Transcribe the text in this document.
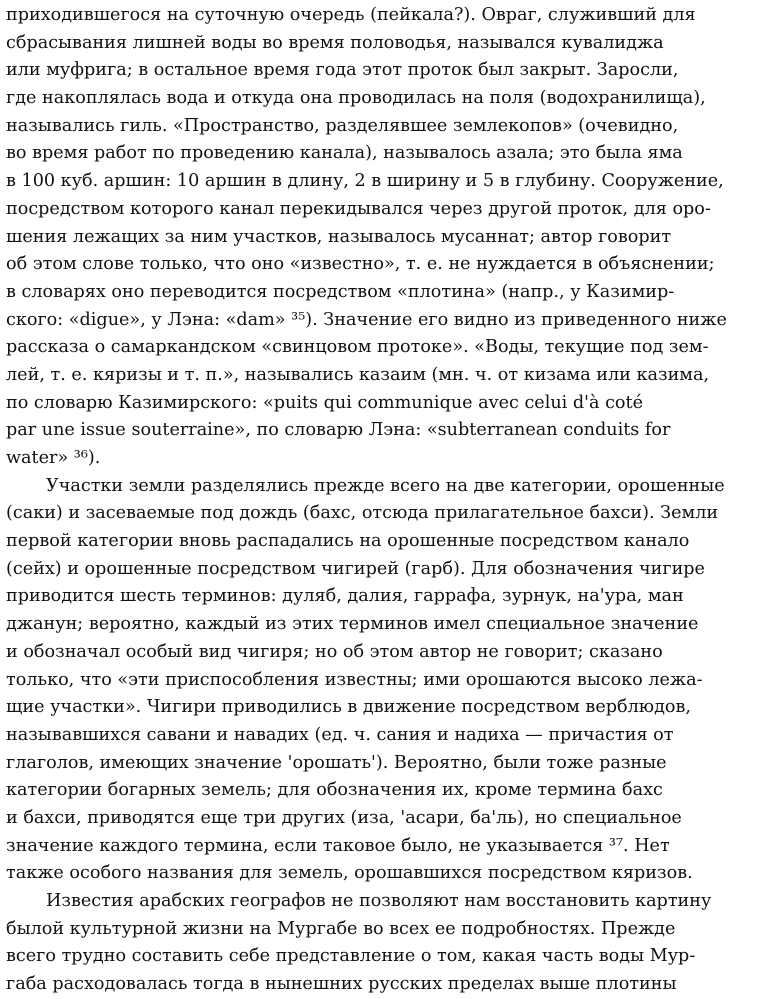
приходившегося на суточную очередь (пейкала?). Овраг, служивший для
сбрасывания лишней воды во время половодья, назывался кувалиджа
или муфрига; в остальное время года этот проток был закрыт. Заросли,
где накоплялась вода и откуда она проводилась на поля (водохранилища),
назывались гиль. «Пространство, разделявшее землекопов» (очевидно,
во время работ по проведению канала), называлось азала; это была яма
в 100 куб. аршин: 10 аршин в длину, 2 в ширину и 5 в глубину. Сооружение,
посредством которого канал перекидывался через другой проток, для оро-
шения лежащих за ним участков, называлось мусаннат; автор говорит
об этом слове только, что оно «известно», т. е. не нуждается в объяснении;
в словарях оно переводится посредством «плотина» (напр., у Казимир-
ского: «digue», у Лэна: «dam» ³⁵). Значение его видно из приведенного ниже
рассказа о самаркандском «свинцовом протоке». «Воды, текущие под зем-
лей, т. е. кяризы и т. п.», назывались казаим (мн. ч. от кизама или казима,
по словарю Казимирского: «puits qui communique avec celui d'à coté
par une issue souterraine», по словарю Лэна: «subterranean conduits for
water» ³⁶).

Участки земли разделялись прежде всего на две категории, орошенные
(саки) и засеваемые под дождь (бахс, отсюда прилагательное бахси). Земли
первой категории вновь распадались на орошенные посредством канало
(сейх) и орошенные посредством чигирей (гарб). Для обозначения чигире
приводится шесть терминов: дуляб, далия, гаррафа, зурнук, на'ура, ман
джанун; вероятно, каждый из этих терминов имел специальное значение
и обозначал особый вид чигиря; но об этом автор не говорит; сказано
только, что «эти приспособления известны; ими орошаются высоко лежа-
щие участки». Чигири приводились в движение посредством верблюдов,
называвшихся савани и навадих (ед. ч. сания и надиха — причастия от
глаголов, имеющих значение 'орошать'). Вероятно, были тоже разные
категории богарных земель; для обозначения их, кроме термина бахс
и бахси, приводятся еще три других (иза, 'асари, ба'ль), но специальное
значение каждого термина, если таковое было, не указывается ³⁷. Нет
также особого названия для земель, орошавшихся посредством кяризов.

Известия арабских географов не позволяют нам восстановить картину
былой культурной жизни на Мургабе во всех ее подробностях. Прежде
всего трудно составить себе представление о том, какая часть воды Мур-
габа расходовалась тогда в нынешних русских пределах выше плотины
